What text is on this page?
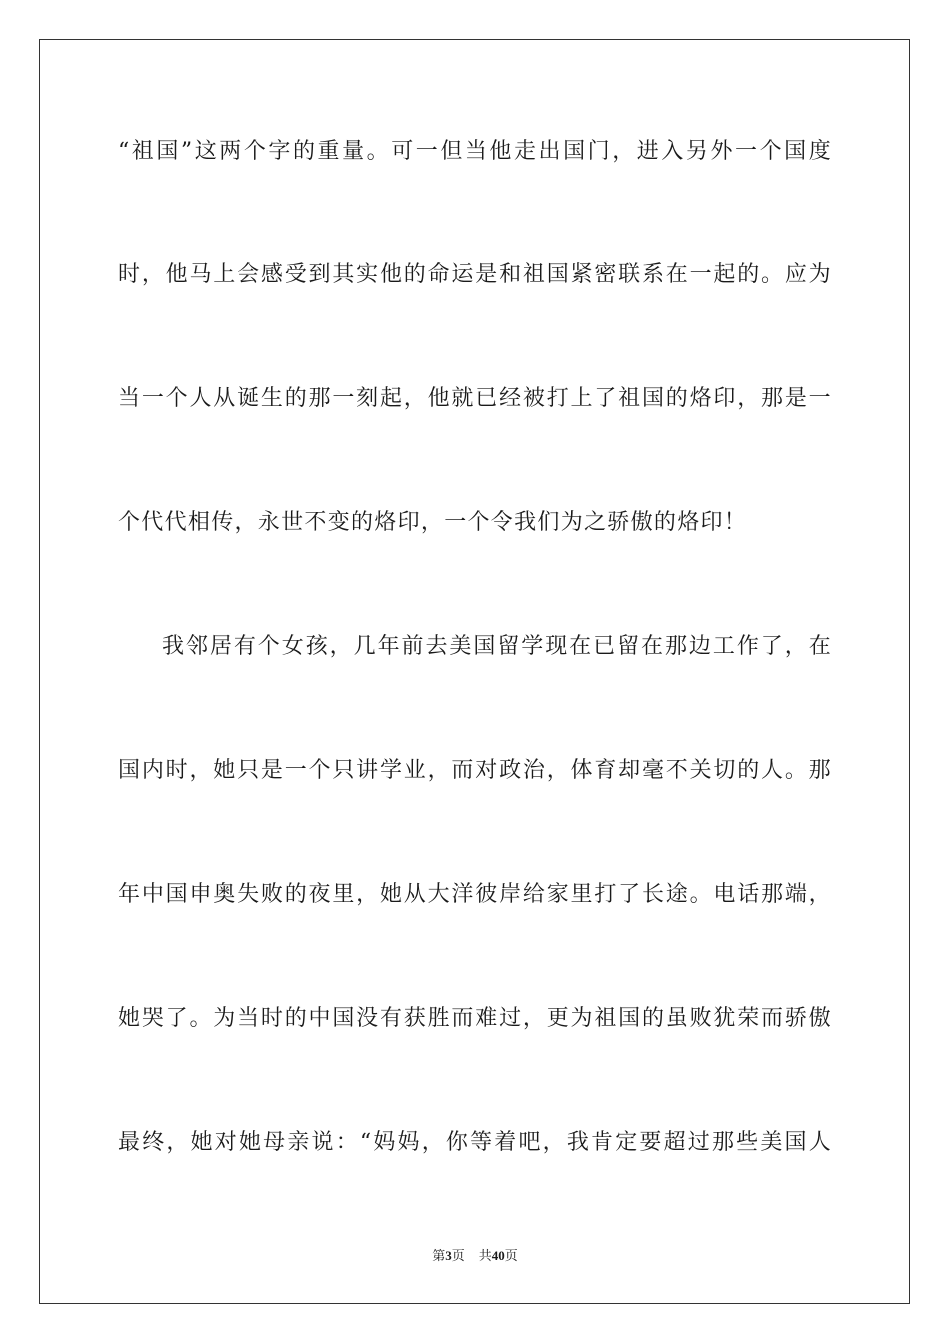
“祖国”这两个字的重量。可一但当他走出国门，进入另外一个国度
时，他马上会感受到其实他的命运是和祖国紧密联系在一起的。应为
当一个人从诞生的那一刻起，他就已经被打上了祖国的烙印，那是一
个代代相传，永世不变的烙印，一个令我们为之骄傲的烙印！
我邻居有个女孩，几年前去美国留学现在已留在那边工作了，在
国内时，她只是一个只讲学业，而对政治，体育却毫不关切的人。那
年中国申奥失败的夜里，她从大洋彼岸给家里打了长途。电话那端，
她哭了。为当时的中国没有获胜而难过，更为祖国的虽败犹荣而骄傲
最终，她对她母亲说：“妈妈，你等着吧，我肯定要超过那些美国人
第3页 共40页
